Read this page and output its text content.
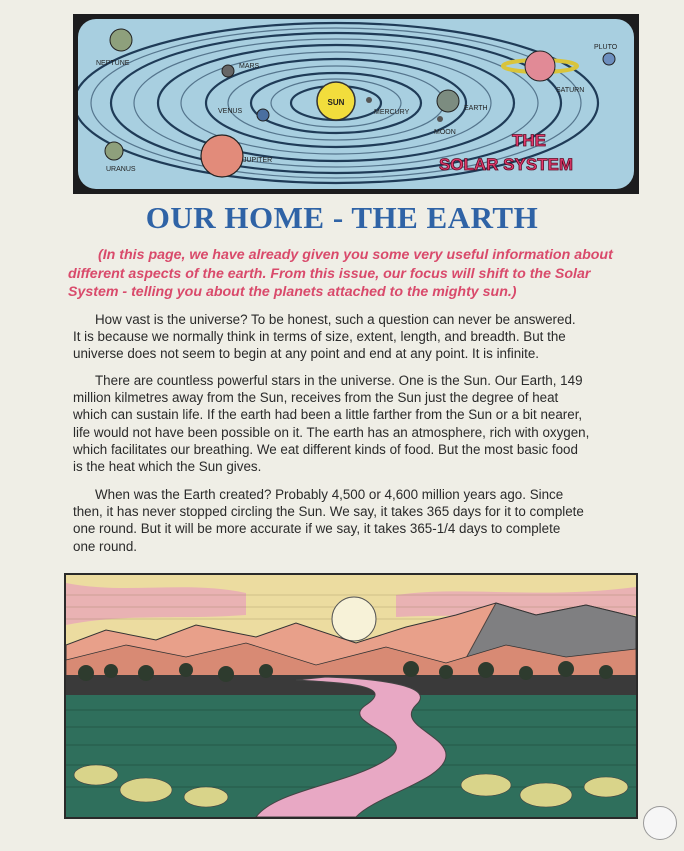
SUN
MERCURY
VENUS	EARTH
MOON
MARS
JUPITER
SATURN
PLUTO
NEPTUNE
URANUS
THE
SOLAR SYSTEM
OUR HOME - THE EARTH
(In this page, we have already given you some very useful information about
different aspects of the earth. From this issue, our focus will shift to the Solar
System - telling you about the planets attached to the mighty sun.)
How vast is the universe? To be honest, such a question can never be answered.
It is because we normally think in terms of size, extent, length, and breadth. But the
universe does not seem to begin at any point and end at any point. It is infinite.
There are countless powerful stars in the universe. One is the Sun. Our Earth, 149
million kilmetres away from the Sun, receives from the Sun just the degree of heat
which can sustain life. If the earth had been a little farther from the Sun or a bit nearer,
life would not have been possible on it. The earth has an atmosphere, rich with oxygen,
which facilitates our breathing. We eat different kinds of food. But the most basic food
is the heat which the Sun gives.
When was the Earth created? Probably 4,500 or 4,600 million years ago. Since
then, it has never stopped circling the Sun. We say, it takes 365 days for it to complete
one round. But it will be more accurate if we say, it takes 365-1/4 days to complete
one round.
